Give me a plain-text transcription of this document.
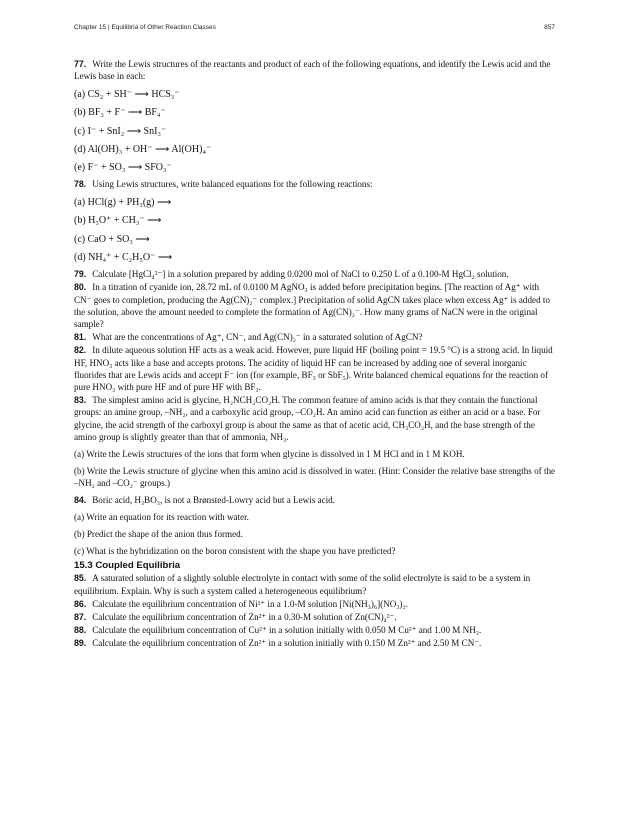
Chapter 15 | Equilibria of Other Reaction Classes	857

77. Write the Lewis structures of the reactants and product of each of the following equations, and identify the Lewis acid and the Lewis base in each:

(a) CS₂ + SH⁻ ⟶ HCS₃⁻
(b) BF₃ + F⁻ ⟶ BF₄⁻
(c) I⁻ + SnI₂ ⟶ SnI₃⁻
(d) Al(OH)₃ + OH⁻ ⟶ Al(OH)₄⁻
(e) F⁻ + SO₃ ⟶ SFO₃⁻

78. Using Lewis structures, write balanced equations for the following reactions:

(a) HCl(g) + PH₃(g) ⟶
(b) H₃O⁺ + CH₃⁻ ⟶
(c) CaO + SO₃ ⟶
(d) NH₄⁺ + C₂H₅O⁻ ⟶

79. Calculate [HgCl₄²⁻] in a solution prepared by adding 0.0200 mol of NaCl to 0.250 L of a 0.100-M HgCl₂ solution.

80. In a titration of cyanide ion, 28.72 mL of 0.0100 M AgNO₃ is added before precipitation begins. [The reaction of Ag⁺ with CN⁻ goes to completion, producing the Ag(CN)₂⁻ complex.] Precipitation of solid AgCN takes place when excess Ag⁺ is added to the solution, above the amount needed to complete the formation of Ag(CN)₂⁻. How many grams of NaCN were in the original sample?

81. What are the concentrations of Ag⁺, CN⁻, and Ag(CN)₂⁻ in a saturated solution of AgCN?

82. In dilute aqueous solution HF acts as a weak acid. However, pure liquid HF (boiling point = 19.5 °C) is a strong acid. In liquid HF, HNO₃ acts like a base and accepts protons. The acidity of liquid HF can be increased by adding one of several inorganic fluorides that are Lewis acids and accept F⁻ ion (for example, BF₃ or SbF₅). Write balanced chemical equations for the reaction of pure HNO₃ with pure HF and of pure HF with BF₃.

83. The simplest amino acid is glycine, H₂NCH₂CO₂H. The common feature of amino acids is that they contain the functional groups: an amine group, –NH₂, and a carboxylic acid group, –CO₂H. An amino acid can function as either an acid or a base. For glycine, the acid strength of the carboxyl group is about the same as that of acetic acid, CH₃CO₂H, and the base strength of the amino group is slightly greater than that of ammonia, NH₃.

(a) Write the Lewis structures of the ions that form when glycine is dissolved in 1 M HCl and in 1 M KOH.
(b) Write the Lewis structure of glycine when this amino acid is dissolved in water. (Hint: Consider the relative base strengths of the –NH₂ and –CO₂⁻ groups.)

84. Boric acid, H₃BO₃, is not a Brønsted-Lowry acid but a Lewis acid.

(a) Write an equation for its reaction with water.
(b) Predict the shape of the anion thus formed.
(c) What is the hybridization on the boron consistent with the shape you have predicted?
15.3 Coupled Equilibria

85. A saturated solution of a slightly soluble electrolyte in contact with some of the solid electrolyte is said to be a system in equilibrium. Explain. Why is such a system called a heterogeneous equilibrium?

86. Calculate the equilibrium concentration of Ni²⁺ in a 1.0-M solution [Ni(NH₃)₆](NO₃)₂.

87. Calculate the equilibrium concentration of Zn²⁺ in a 0.30-M solution of Zn(CN)₄²⁻.

88. Calculate the equilibrium concentration of Cu²⁺ in a solution initially with 0.050 M Cu²⁺ and 1.00 M NH₃.

89. Calculate the equilibrium concentration of Zn²⁺ in a solution initially with 0.150 M Zn²⁺ and 2.50 M CN⁻.
